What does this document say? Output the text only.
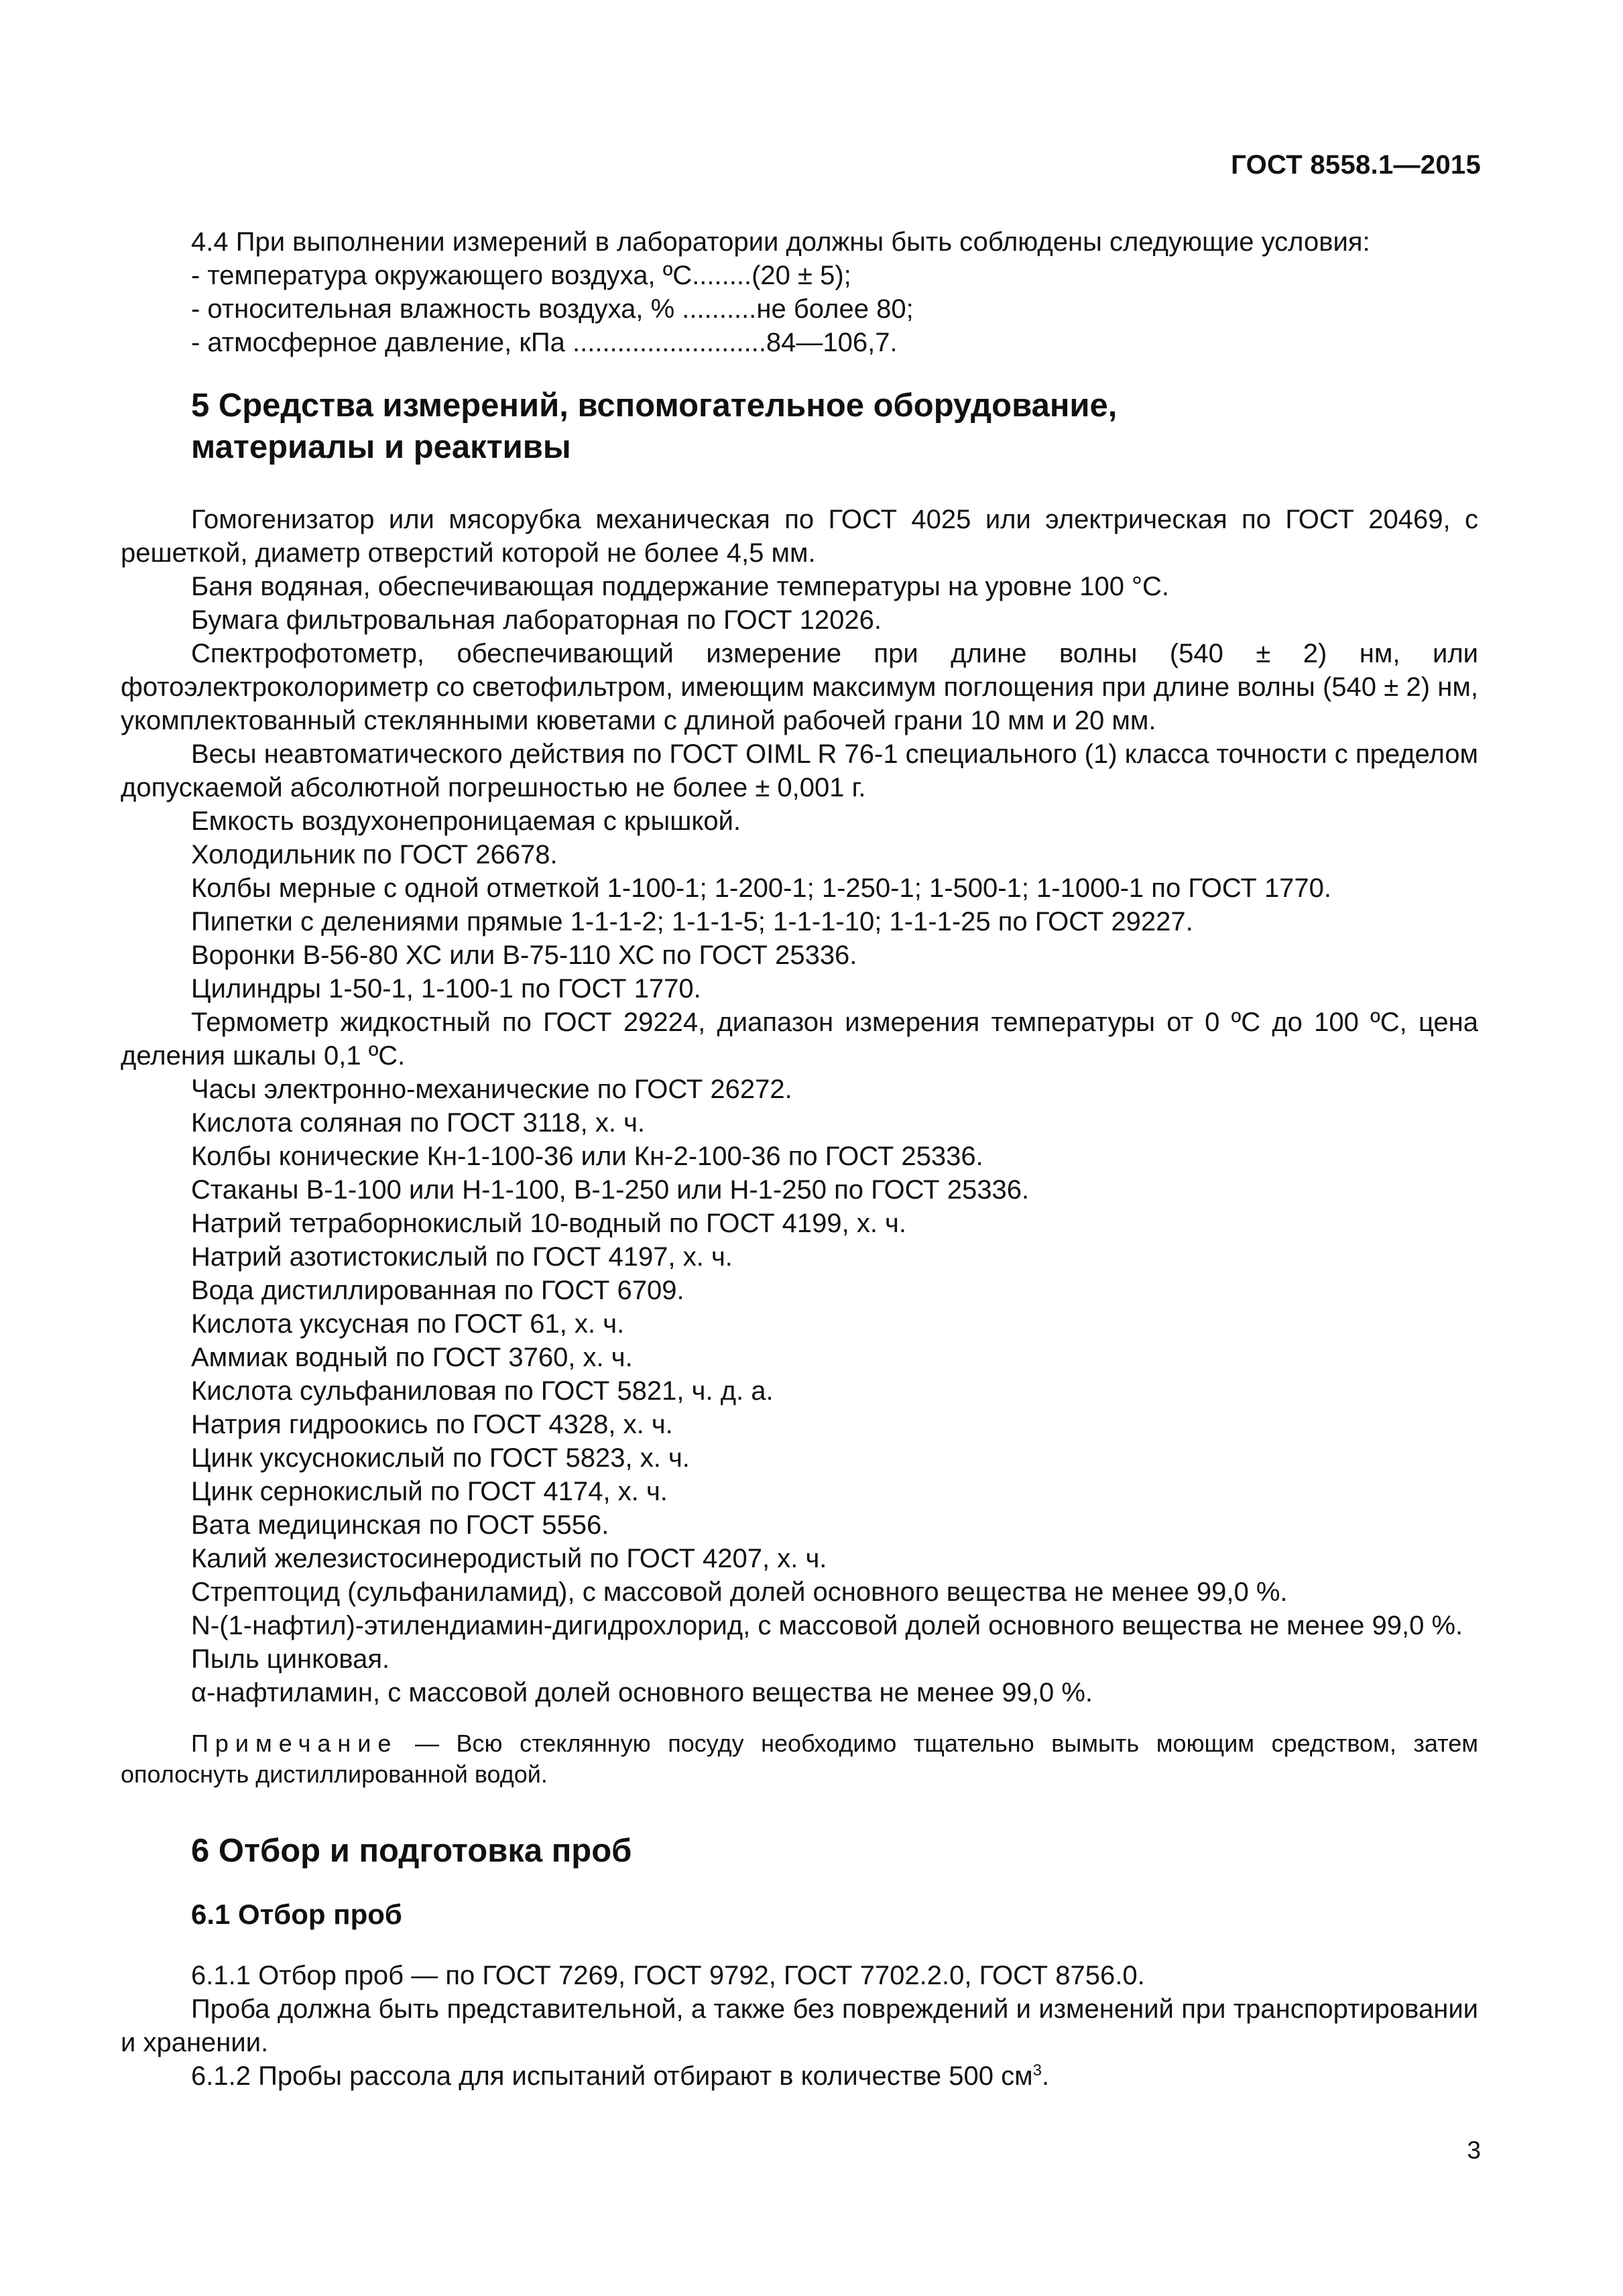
ГОСТ 8558.1—2015

4.4 При выполнении измерений в лаборатории должны быть соблюдены следующие условия:

- температура окружающего воздуха, ºС........(20 ± 5);

- относительная влажность воздуха, % ..........не более 80;

- атмосферное давление, кПа ..........................84—106,7.

5 Средства измерений, вспомогательное оборудование,
материалы и реактивы

Гомогенизатор или мясорубка механическая по ГОСТ 4025 или электрическая по ГОСТ 20469, с решеткой, диаметр отверстий которой не более 4,5 мм.

Баня водяная, обеспечивающая поддержание температуры на уровне 100 °С.

Бумага фильтровальная лабораторная по ГОСТ 12026.

Спектрофотометр, обеспечивающий измерение при длине волны (540 ± 2) нм, или фотоэлектроколориметр со светофильтром, имеющим максимум поглощения при длине волны (540 ± 2) нм, укомплектованный стеклянными кюветами с длиной рабочей грани 10 мм и 20 мм.

Весы неавтоматического действия по ГОСТ OIML R 76-1 специального (1) класса точности с пределом допускаемой абсолютной погрешностью не более ± 0,001 г.

Емкость воздухонепроницаемая с крышкой.

Холодильник по ГОСТ 26678.

Колбы мерные с одной отметкой 1-100-1; 1-200-1; 1-250-1; 1-500-1; 1-1000-1 по ГОСТ 1770.

Пипетки с делениями прямые 1-1-1-2; 1-1-1-5; 1-1-1-10; 1-1-1-25 по ГОСТ 29227.

Воронки В-56-80 ХС или В-75-110 ХС по ГОСТ 25336.

Цилиндры 1-50-1, 1-100-1 по ГОСТ 1770.

Термометр жидкостный по ГОСТ 29224, диапазон измерения температуры от 0 ºС до 100 ºС, цена деления шкалы 0,1 ºС.

Часы электронно-механические по ГОСТ 26272.

Кислота соляная по ГОСТ 3118, х. ч.

Колбы конические Кн-1-100-36 или Кн-2-100-36 по ГОСТ 25336.

Стаканы В-1-100 или Н-1-100, В-1-250 или Н-1-250 по ГОСТ 25336.

Натрий тетраборнокислый 10-водный по ГОСТ 4199, х. ч.

Натрий азотистокислый по ГОСТ 4197, х. ч.

Вода дистиллированная по ГОСТ 6709.

Кислота уксусная по ГОСТ 61, х. ч.

Аммиак водный по ГОСТ 3760, х. ч.

Кислота сульфаниловая по ГОСТ 5821, ч. д. а.

Натрия гидроокись по ГОСТ 4328, х. ч.

Цинк уксуснокислый по ГОСТ 5823, х. ч.

Цинк сернокислый по ГОСТ 4174, х. ч.

Вата медицинская по ГОСТ 5556.

Калий железистосинеродистый по ГОСТ 4207, х. ч.

Стрептоцид (сульфаниламид), с массовой долей основного вещества не менее 99,0 %.

N-(1-нафтил)-этилендиамин-дигидрохлорид, с массовой долей основного вещества не менее 99,0 %.

Пыль цинковая.

α-нафтиламин, с массовой долей основного вещества не менее 99,0 %.

Примечание — Всю стеклянную посуду необходимо тщательно вымыть моющим средством, затем ополоснуть дистиллированной водой.

6 Отбор и подготовка проб
6.1 Отбор проб

6.1.1 Отбор проб — по ГОСТ 7269, ГОСТ 9792, ГОСТ 7702.2.0, ГОСТ 8756.0.

Проба должна быть представительной, а также без повреждений и изменений при транспортировании и хранении.

6.1.2 Пробы рассола для испытаний отбирают в количестве 500 $см^3$.

3
